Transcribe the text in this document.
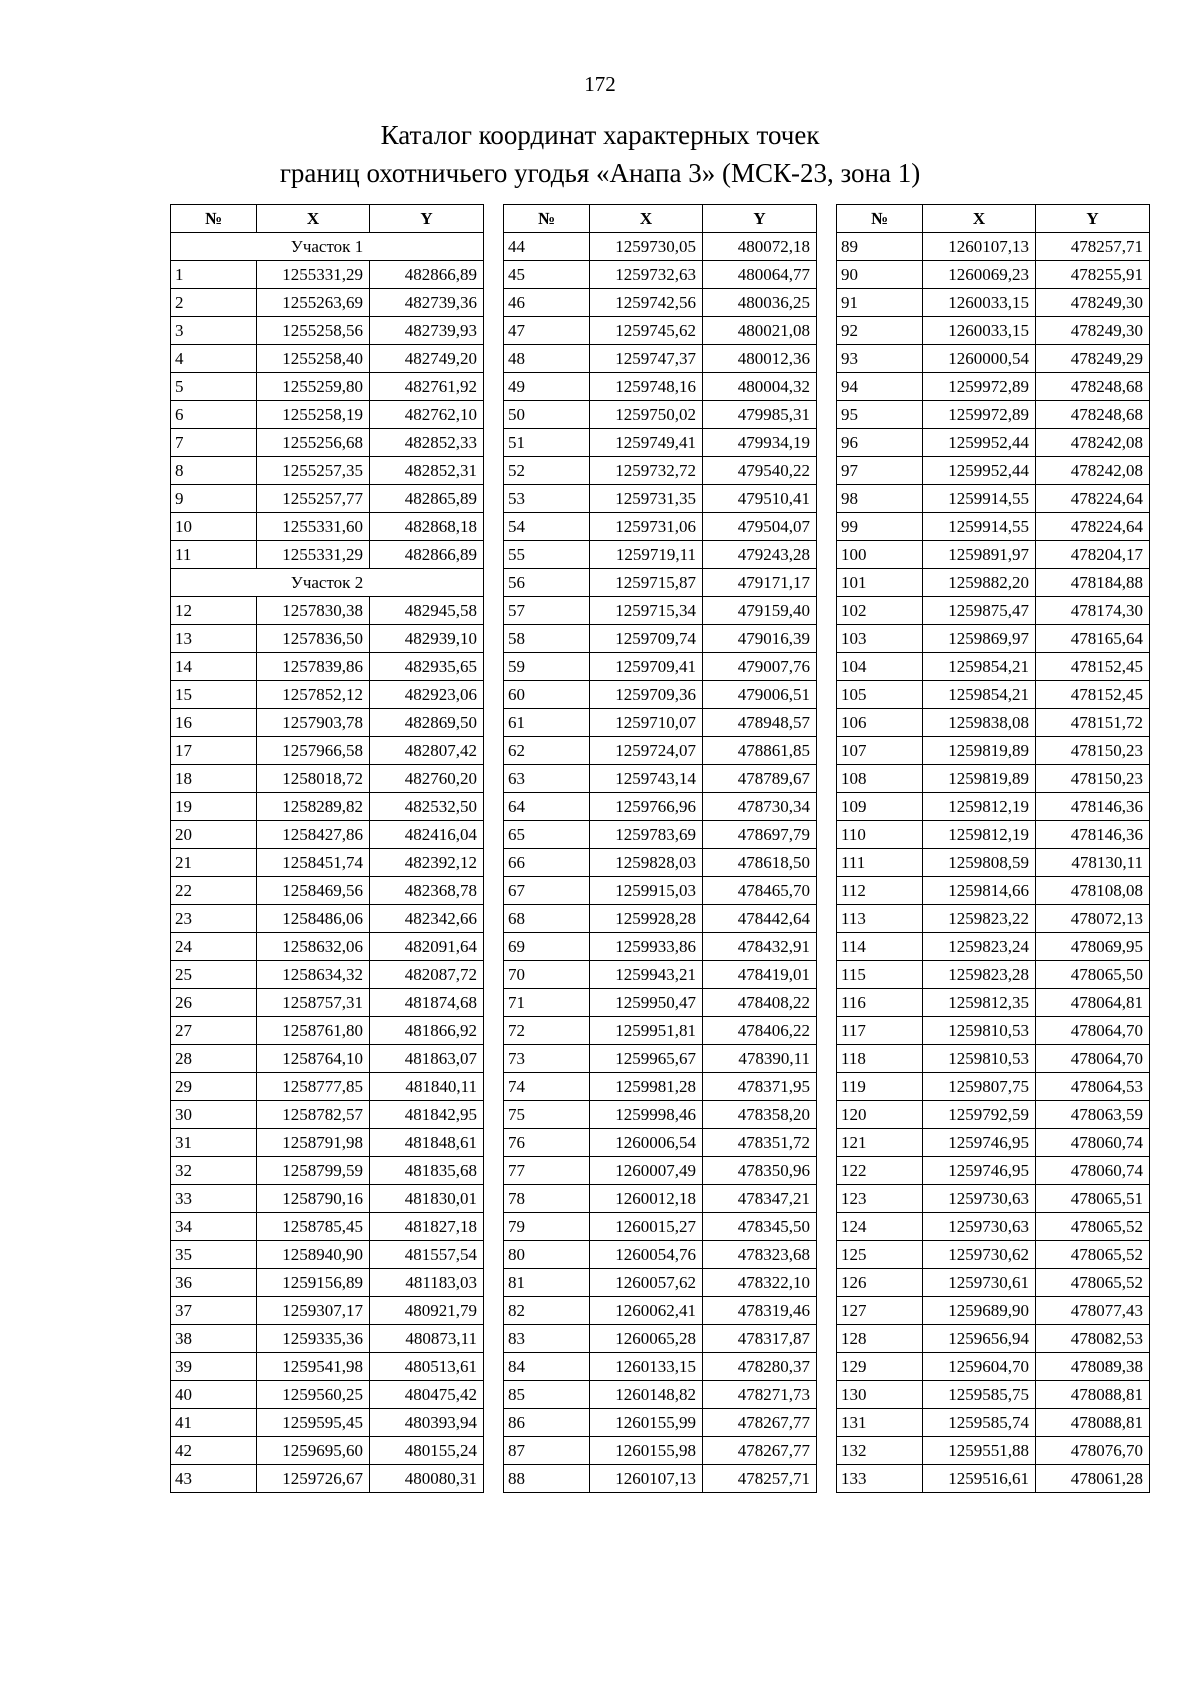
172
Каталог координат характерных точек
границ охотничьего угодья «Анапа 3» (МСК-23, зона 1)
№	X	Y
Участок 1		
1	1255331,29	482866,89
2	1255263,69	482739,36
3	1255258,56	482739,93
4	1255258,40	482749,20
5	1255259,80	482761,92
6	1255258,19	482762,10
7	1255256,68	482852,33
8	1255257,35	482852,31
9	1255257,77	482865,89
10	1255331,60	482868,18
11	1255331,29	482866,89
Участок 2		
12	1257830,38	482945,58
13	1257836,50	482939,10
14	1257839,86	482935,65
15	1257852,12	482923,06
16	1257903,78	482869,50
17	1257966,58	482807,42
18	1258018,72	482760,20
19	1258289,82	482532,50
20	1258427,86	482416,04
21	1258451,74	482392,12
22	1258469,56	482368,78
23	1258486,06	482342,66
24	1258632,06	482091,64
25	1258634,32	482087,72
26	1258757,31	481874,68
27	1258761,80	481866,92
28	1258764,10	481863,07
29	1258777,85	481840,11
30	1258782,57	481842,95
31	1258791,98	481848,61
32	1258799,59	481835,68
33	1258790,16	481830,01
34	1258785,45	481827,18
35	1258940,90	481557,54
36	1259156,89	481183,03
37	1259307,17	480921,79
38	1259335,36	480873,11
39	1259541,98	480513,61
40	1259560,25	480475,42
41	1259595,45	480393,94
42	1259695,60	480155,24
43	1259726,67	480080,31
№	X	Y
44	1259730,05	480072,18
45	1259732,63	480064,77
46	1259742,56	480036,25
47	1259745,62	480021,08
48	1259747,37	480012,36
49	1259748,16	480004,32
50	1259750,02	479985,31
51	1259749,41	479934,19
52	1259732,72	479540,22
53	1259731,35	479510,41
54	1259731,06	479504,07
55	1259719,11	479243,28
56	1259715,87	479171,17
57	1259715,34	479159,40
58	1259709,74	479016,39
59	1259709,41	479007,76
60	1259709,36	479006,51
61	1259710,07	478948,57
62	1259724,07	478861,85
63	1259743,14	478789,67
64	1259766,96	478730,34
65	1259783,69	478697,79
66	1259828,03	478618,50
67	1259915,03	478465,70
68	1259928,28	478442,64
69	1259933,86	478432,91
70	1259943,21	478419,01
71	1259950,47	478408,22
72	1259951,81	478406,22
73	1259965,67	478390,11
74	1259981,28	478371,95
75	1259998,46	478358,20
76	1260006,54	478351,72
77	1260007,49	478350,96
78	1260012,18	478347,21
79	1260015,27	478345,50
80	1260054,76	478323,68
81	1260057,62	478322,10
82	1260062,41	478319,46
83	1260065,28	478317,87
84	1260133,15	478280,37
85	1260148,82	478271,73
86	1260155,99	478267,77
87	1260155,98	478267,77
88	1260107,13	478257,71
№	X	Y
89	1260107,13	478257,71
90	1260069,23	478255,91
91	1260033,15	478249,30
92	1260033,15	478249,30
93	1260000,54	478249,29
94	1259972,89	478248,68
95	1259972,89	478248,68
96	1259952,44	478242,08
97	1259952,44	478242,08
98	1259914,55	478224,64
99	1259914,55	478224,64
100	1259891,97	478204,17
101	1259882,20	478184,88
102	1259875,47	478174,30
103	1259869,97	478165,64
104	1259854,21	478152,45
105	1259854,21	478152,45
106	1259838,08	478151,72
107	1259819,89	478150,23
108	1259819,89	478150,23
109	1259812,19	478146,36
110	1259812,19	478146,36
111	1259808,59	478130,11
112	1259814,66	478108,08
113	1259823,22	478072,13
114	1259823,24	478069,95
115	1259823,28	478065,50
116	1259812,35	478064,81
117	1259810,53	478064,70
118	1259810,53	478064,70
119	1259807,75	478064,53
120	1259792,59	478063,59
121	1259746,95	478060,74
122	1259746,95	478060,74
123	1259730,63	478065,51
124	1259730,63	478065,52
125	1259730,62	478065,52
126	1259730,61	478065,52
127	1259689,90	478077,43
128	1259656,94	478082,53
129	1259604,70	478089,38
130	1259585,75	478088,81
131	1259585,74	478088,81
132	1259551,88	478076,70
133	1259516,61	478061,28
